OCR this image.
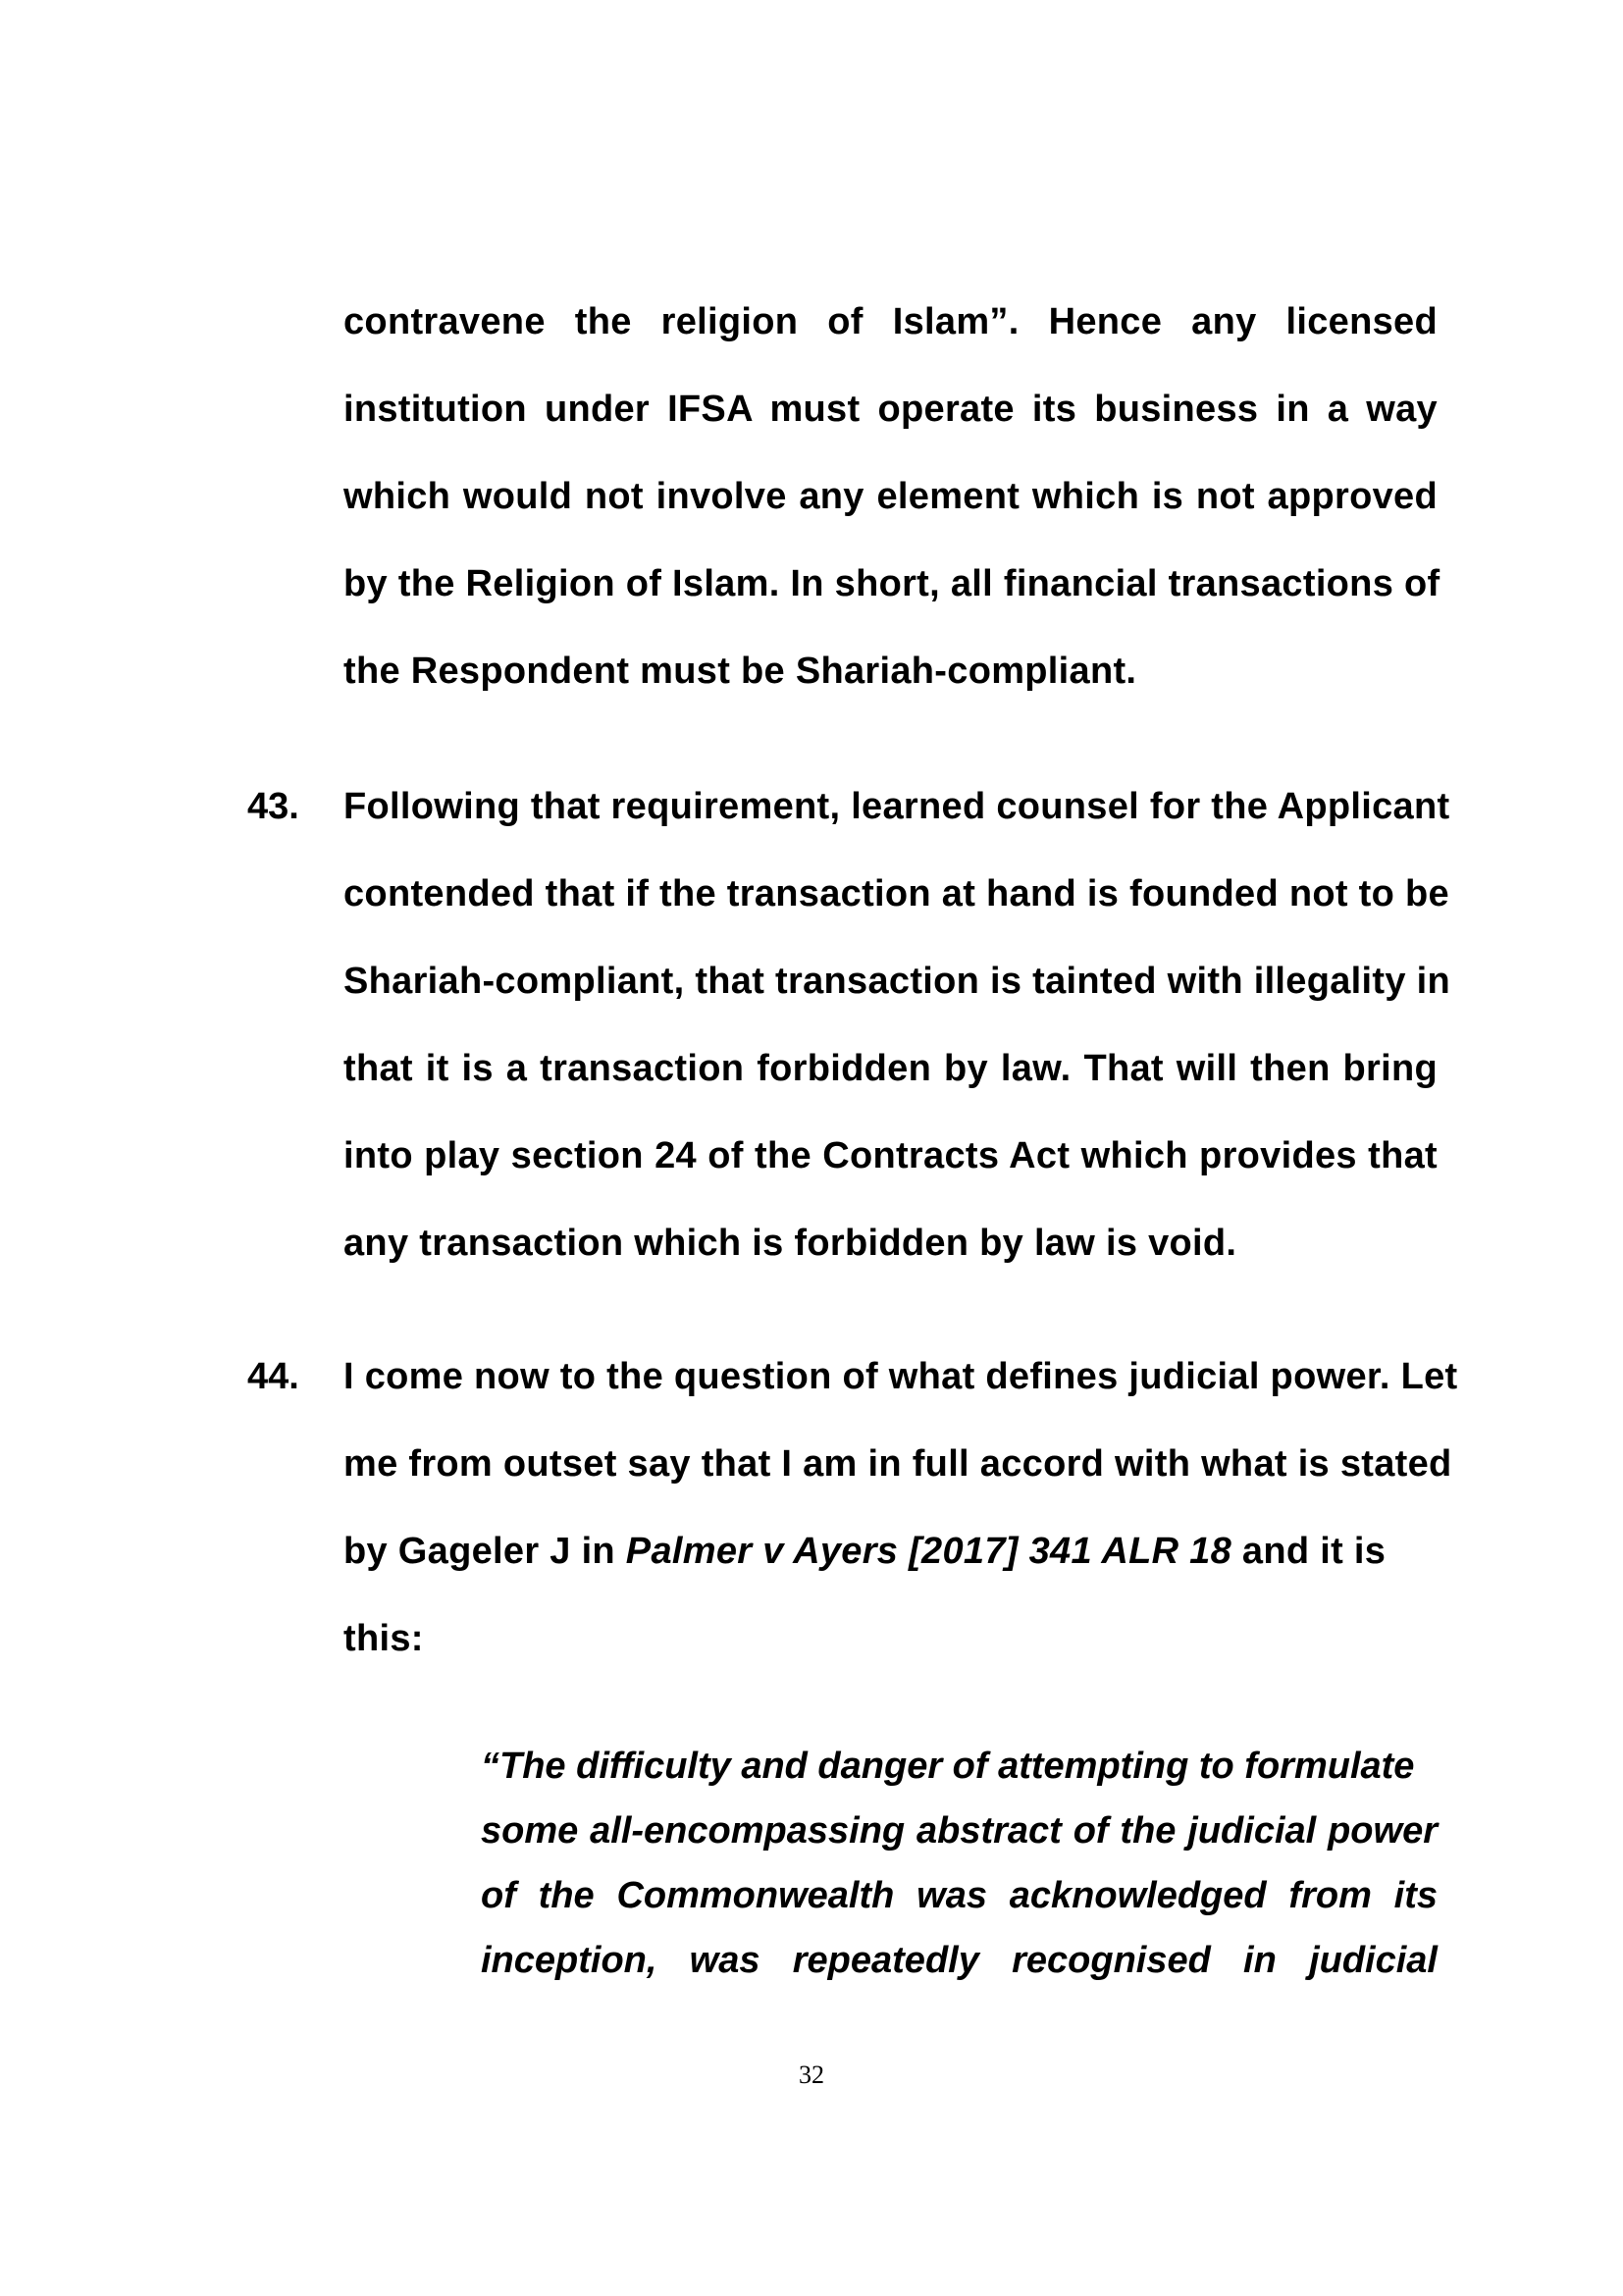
contravene the religion of Islam”. Hence any licensed
institution under IFSA must operate its business in a way
which would not involve any element which is not approved
by the Religion of Islam. In short, all financial transactions of
the Respondent must be Shariah-compliant.
43. Following that requirement, learned counsel for the Applicant
contended that if the transaction at hand is founded not to be
Shariah-compliant, that transaction is tainted with illegality in
that it is a transaction forbidden by law. That will then bring
into play section 24 of the Contracts Act which provides that
any transaction which is forbidden by law is void.
44. I come now to the question of what defines judicial power. Let
me from outset say that I am in full accord with what is stated
by Gageler J in Palmer v Ayers [2017] 341 ALR 18 and it is
this:
“The difficulty and danger of attempting to formulate
some all-encompassing abstract of the judicial power
of the Commonwealth was acknowledged from its
inception, was repeatedly recognised in judicial
32
